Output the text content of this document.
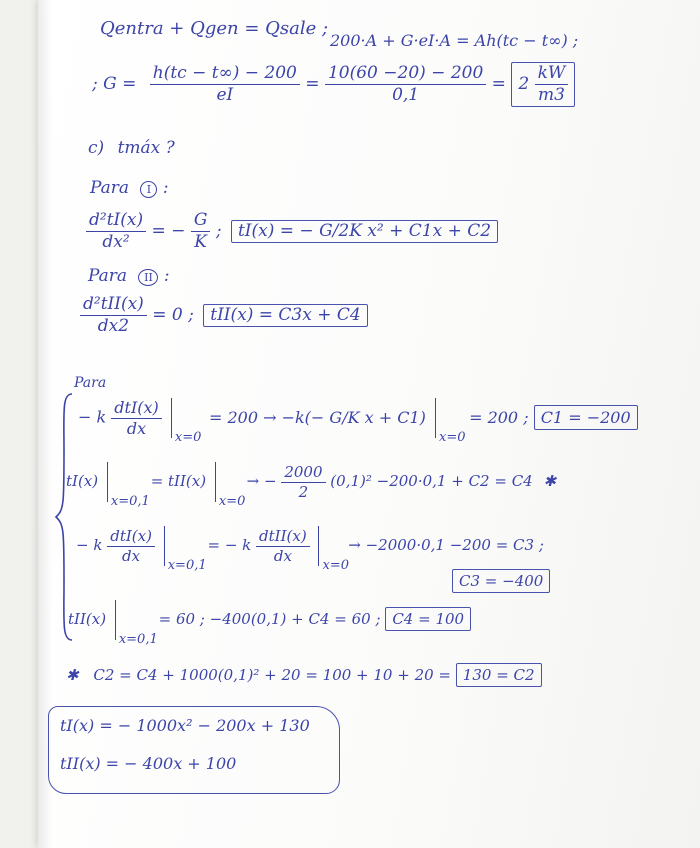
Qentra + Qgen = Qsale ;
200·A + G·eI·A = Ah(tc − t∞) ;
; $G = \frac{h(tc - t\infty) - 200}{eI} = \frac{10(60 -20) - 200}{0,1} = 2 \frac{kW}{m3}$
c) tmáx ?
Para I :
$\frac{\text{d²tI(x)}}{\text{dx²}}$ = − $\frac{G}{K}$ ; tI(x) = − G/2K x² + C1x + C2
Para II :
$\frac{\text{d²tII(x)}}{dx2} = 0$ ; tII(x) = C3x + C4
Para
− k $\frac{\text{dtI(x)}}{dx}$

x=0
= 200 → −k(− G/K x + C1)
x=0
= 200 ; C1 = −200
tI(x)
x=0,1
= tII(x)
x=0
→ − $\frac{2000}{2} (0,1)^2 -200\cdot 0,1 + C2 = C4$ ✱
− k $\frac{\text{dtI(x)}}{dx}$

x=0,1
= − k $\frac{\text{dtII(x)}}{dx}$

x=0
→ −2000·0,1 −200 = C3 ;
C3 = −400
tII(x)
x=0,1
= 60 ; −400(0,1) + C4 = 60 ; C4 = 100
✱ C2 = C4 + 1000(0,1)² + 20 = 100 + 10 + 20 = 130 = C2
tI(x) = − 1000x² − 200x + 130
tII(x) = − 400x + 100
